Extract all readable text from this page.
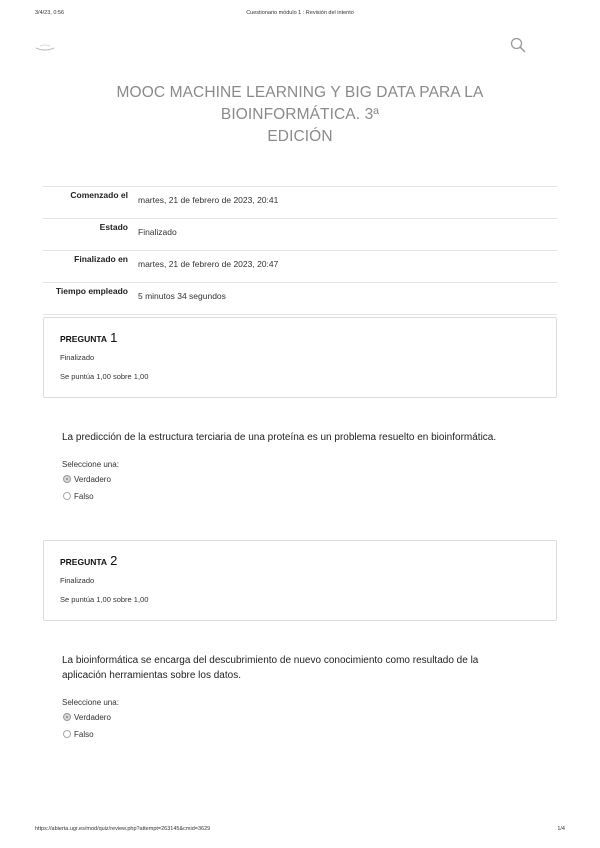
3/4/23, 0:56	Cuestionario módulo 1 : Revisión del intento
MOOC MACHINE LEARNING Y BIG DATA PARA LA BIOINFORMÁTICA. 3ª
EDICIÓN
Comenzado el	martes, 21 de febrero de 2023, 20:41
Estado	Finalizado
Finalizado en	martes, 21 de febrero de 2023, 20:47
Tiempo empleado	5 minutos 34 segundos

PREGUNTA 1
Finalizado
Se puntúa 1,00 sobre 1,00
La predicción de la estructura terciaria de una proteína es un problema resuelto en bioinformática.
Seleccione una:
Verdadero
Falso
PREGUNTA 2
Finalizado
Se puntúa 1,00 sobre 1,00
La bioinformática se encarga del descubrimiento de nuevo conocimiento como resultado de la aplicación herramientas sobre los datos.
Seleccione una:
Verdadero
Falso
https://abierta.ugr.es/mod/quiz/review.php?attempt=263145&cmid=3629	1/4
